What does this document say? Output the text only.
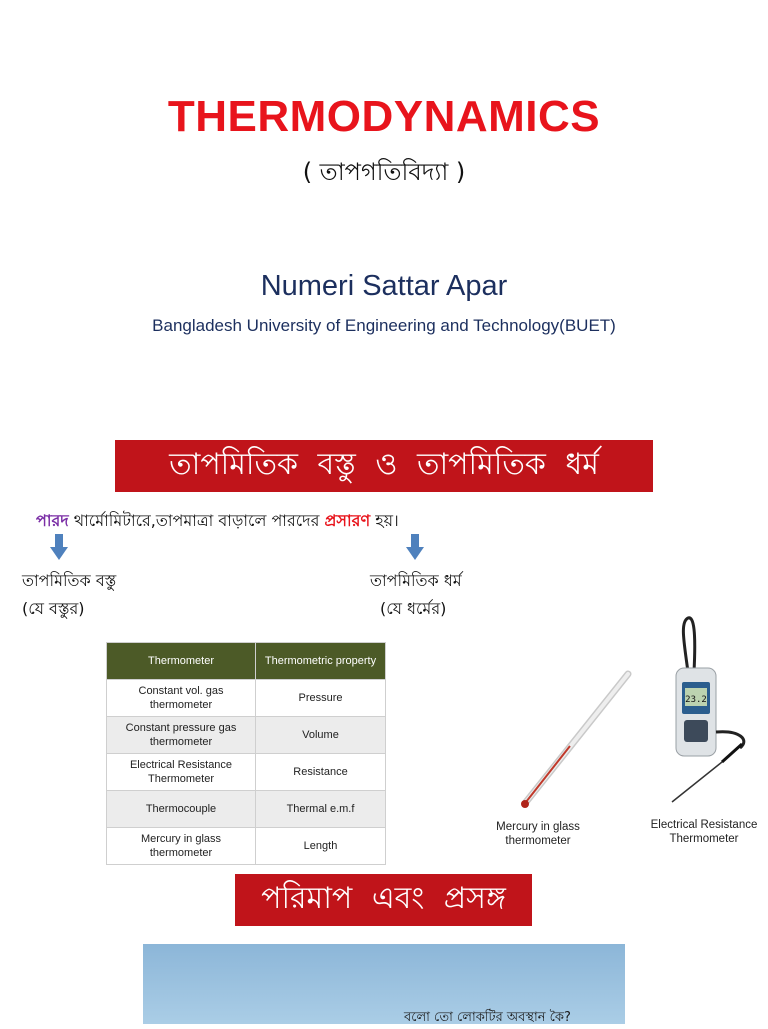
THERMODYNAMICS
( তাপগতিবিদ্যা )
Numeri Sattar Apar
Bangladesh University of Engineering and Technology(BUET)
তাপমিতিক বস্তু ও তাপমিতিক ধর্ম
পারদ থার্মোমিটারে,তাপমাত্রা বাড়ালে পারদের প্রসারণ হয়।
তাপমিতিক বস্তু
(যে বস্তুর)
তাপমিতিক ধর্ম
(যে ধর্মের)
Thermometer	Thermometric property
Constant vol. gas thermometer	Pressure
Constant pressure gas thermometer	Volume
Electrical Resistance Thermometer	Resistance
Thermocouple	Thermal e.m.f
Mercury in glass thermometer	Length
23.2
Mercury in glass thermometer
Electrical Resistance Thermometer
পরিমাপ এবং প্রসঙ্গ
বলো তো লোকটির অবস্থান কৈ?
